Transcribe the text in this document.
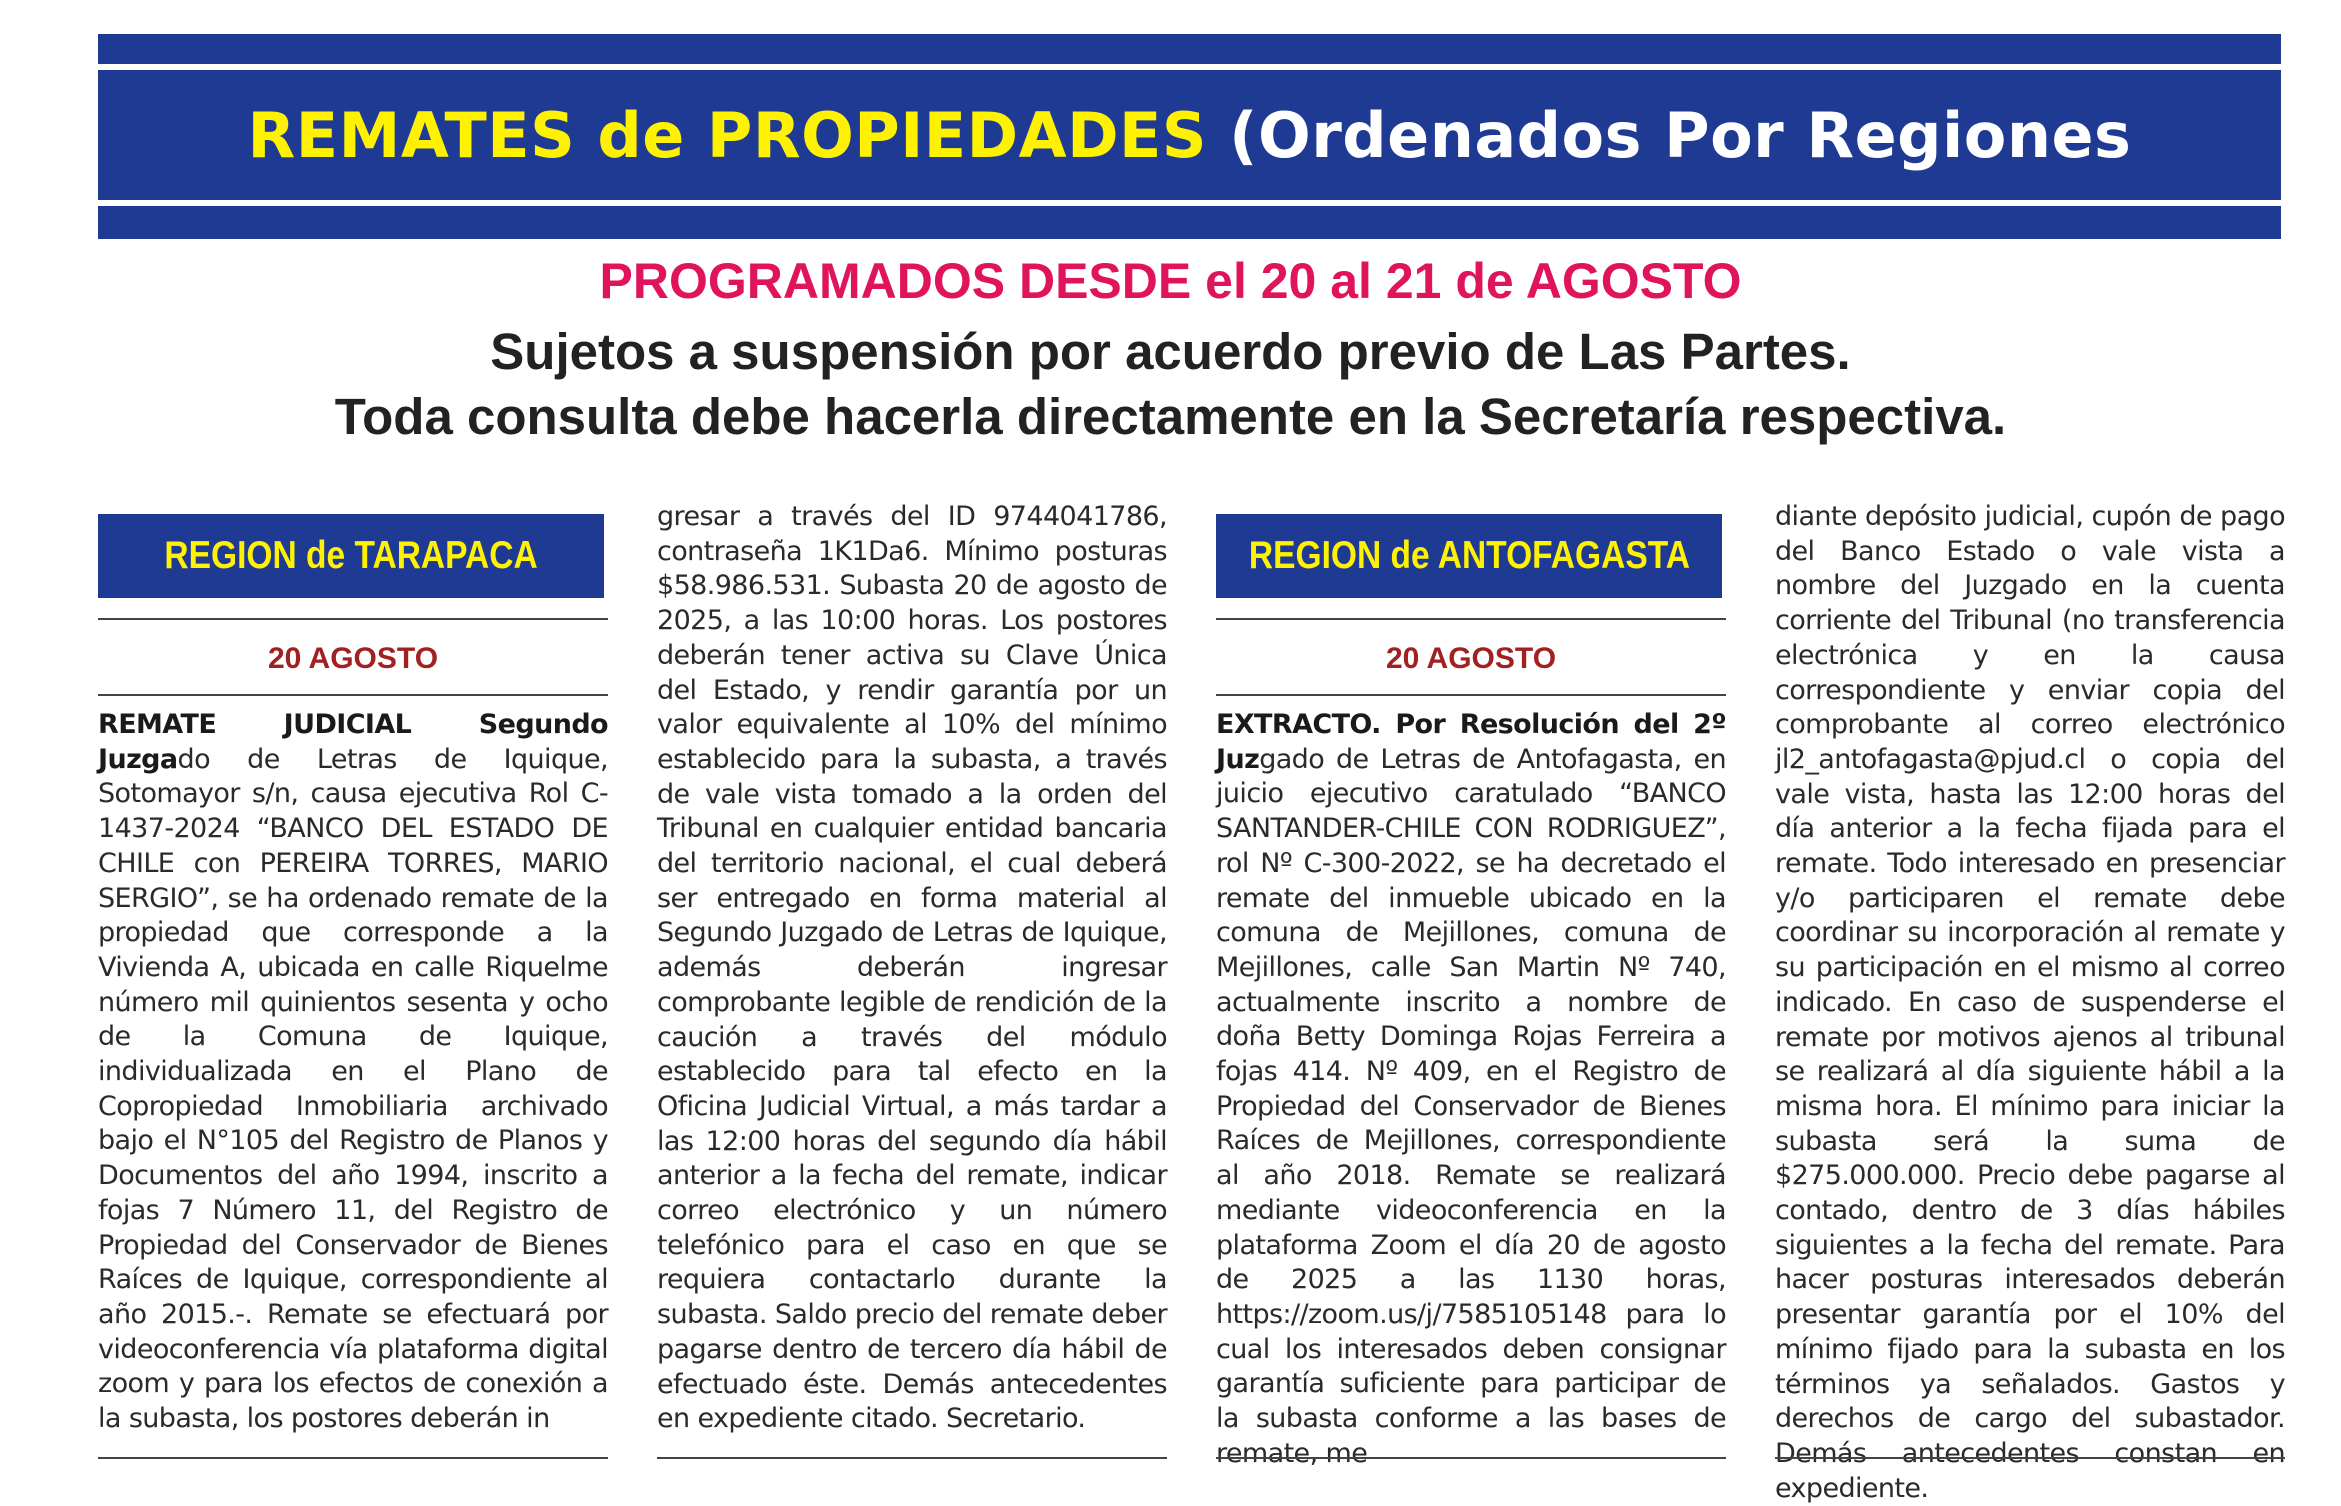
REMATES de PROPIEDADES (Ordenados Por Regiones
PROGRAMADOS DESDE el 20 al 21 de AGOSTO
Sujetos a suspensión por acuerdo previo de Las Partes.
Toda consulta debe hacerla directamente en la Secretaría respectiva.
REGION de TARAPACA
20 AGOSTO
REMATE JUDICIAL Segundo Juzgado de Letras de Iquique, Sotomayor s/n, causa ejecutiva Rol C-1437-2024 “BANCO DEL ESTADO DE CHILE con PEREIRA TORRES, MARIO SERGIO”, se ha ordenado remate de la propiedad que corresponde a la Vivienda A, ubicada en calle Riquelme número mil quinientos sesenta y ocho de la Comuna de Iquique, individualizada en el Plano de Copropiedad Inmobiliaria archivado bajo el N°105 del Registro de Planos y Documentos del año 1994, inscrito a fojas 7 Número 11, del Registro de Propiedad del Conservador de Bienes Raíces de Iquique, correspondiente al año 2015.-. Remate se efectuará por videoconferencia vía plataforma digital zoom y para los efectos de conexión a la subasta, los postores deberán in
gresar a través del ID 9744041786, contraseña 1K1Da6. Mínimo posturas $58.986.531. Subasta 20 de agosto de 2025, a las 10:00 horas. Los postores deberán tener activa su Clave Única del Estado, y rendir garantía por un valor equivalente al 10% del mínimo establecido para la subasta, a través de vale vista tomado a la orden del Tribunal en cualquier entidad bancaria del territorio nacional, el cual deberá ser entregado en forma material al Segundo Juzgado de Letras de Iquique, además deberán ingresar comprobante legible de rendición de la caución a través del módulo establecido para tal efecto en la Oficina Judicial Virtual, a más tardar a las 12:00 horas del segundo día hábil anterior a la fecha del remate, indicar correo electrónico y un número telefónico para el caso en que se requiera contactarlo durante la subasta. Saldo precio del remate deber pagarse dentro de tercero día hábil de efectuado éste. Demás antecedentes en expediente citado. Secretario.
REGION de ANTOFAGASTA
20 AGOSTO
EXTRACTO. Por Resolución del 2º Juzgado de Letras de Antofagasta, en juicio ejecutivo caratulado “BANCO SANTANDER-CHILE CON RODRIGUEZ”, rol Nº C-300-2022, se ha decretado el remate del inmueble ubicado en la comuna de Mejillones, comuna de Mejillones, calle San Martin Nº 740, actualmente inscrito a nombre de doña Betty Dominga Rojas Ferreira a fojas 414. Nº 409, en el Registro de Propiedad del Conservador de Bienes Raíces de Mejillones, correspondiente al año 2018. Remate se realizará mediante videoconferencia en la plataforma Zoom el día 20 de agosto de 2025 a las 1130 horas, https://zoom.us/j/7585105148 para lo cual los interesados deben consignar garantía suficiente para participar de la subasta conforme a las bases de remate, me
diante depósito judicial, cupón de pago del Banco Estado o vale vista a nombre del Juzgado en la cuenta corriente del Tribunal (no transferencia electrónica y en la causa correspondiente y enviar copia del comprobante al correo electrónico jl2_antofagasta@pjud.cl o copia del vale vista, hasta las 12:00 horas del día anterior a la fecha fijada para el remate. Todo interesado en presenciar y/o participaren el remate debe coordinar su incorporación al remate y su participación en el mismo al correo indicado. En caso de suspenderse el remate por motivos ajenos al tribunal se realizará al día siguiente hábil a la misma hora. El mínimo para iniciar la subasta será la suma de $275.000.000. Precio debe pagarse al contado, dentro de 3 días hábiles siguientes a la fecha del remate. Para hacer posturas interesados deberán presentar garantía por el 10% del mínimo fijado para la subasta en los términos ya señalados. Gastos y derechos de cargo del subastador. Demás antecedentes constan en expediente.
